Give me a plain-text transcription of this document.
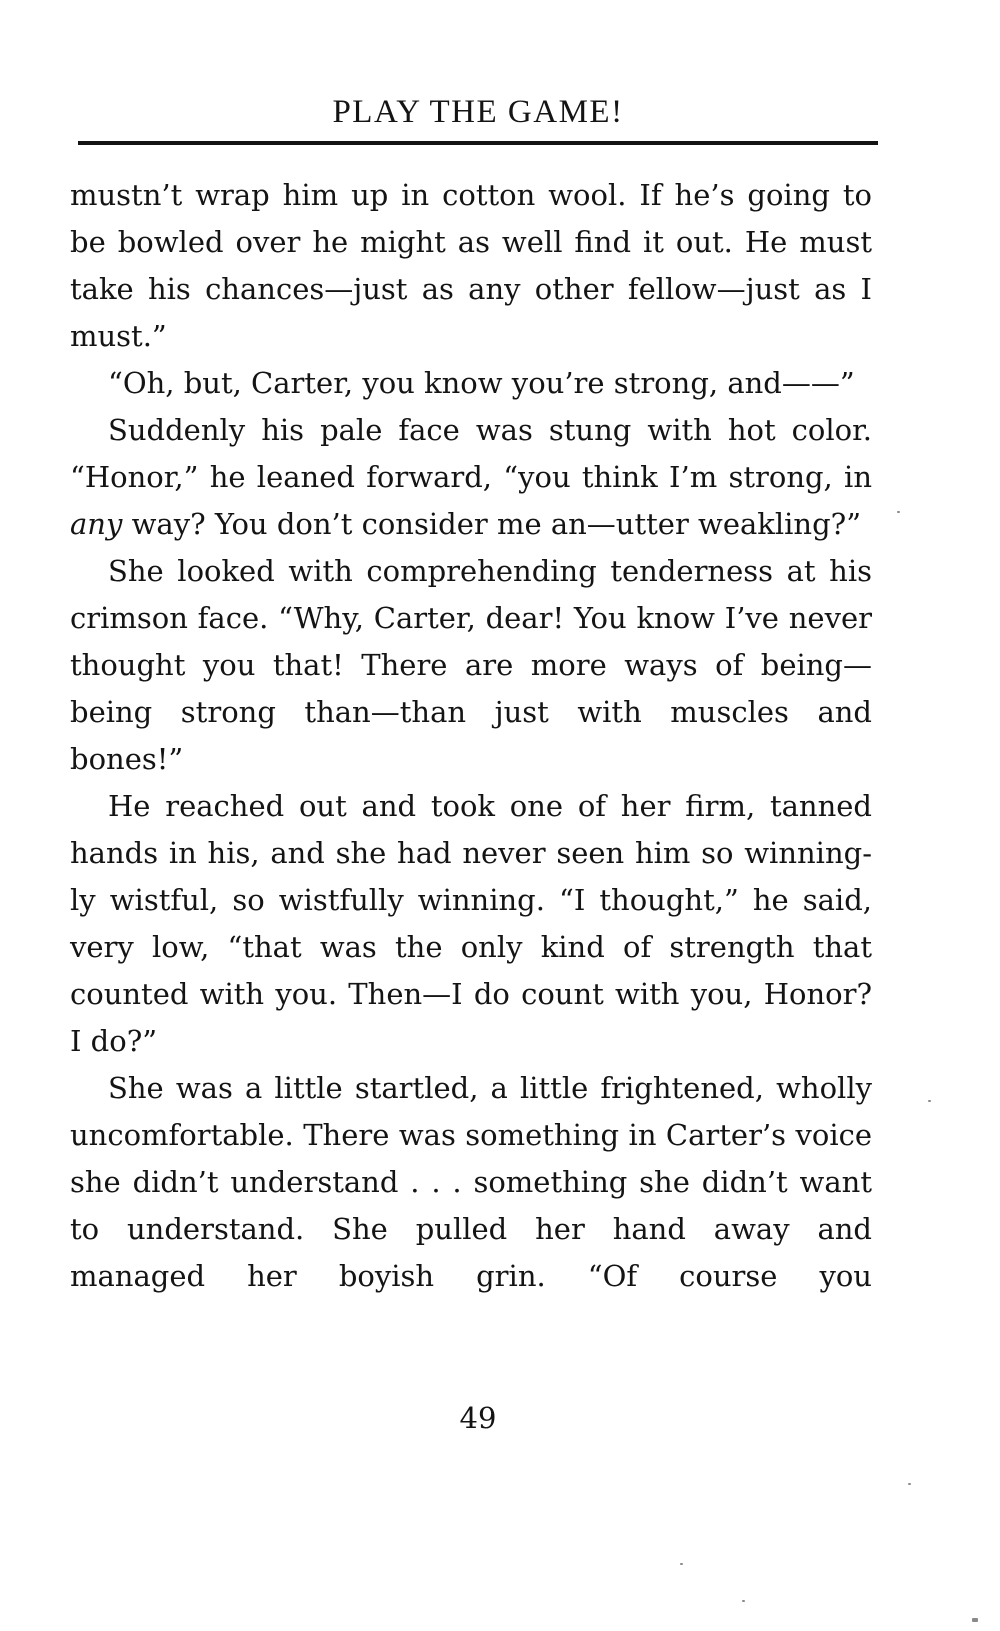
PLAY THE GAME!

mustn’t wrap him up in cotton wool. If he’s going to be bowled over he might as well find it out. He must take his chances—just as any other fellow—just as I must.”

“Oh, but, Carter, you know you’re strong, and——”

Suddenly his pale face was stung with hot color. “Honor,” he leaned forward, “you think I’m strong, in any way? You don’t consider me an—utter weakling?”

She looked with comprehending tenderness at his crimson face. “Why, Carter, dear! You know I’ve never thought you that! There are more ways of being—being strong than—than just with muscles and bones!”

He reached out and took one of her firm, tanned hands in his, and she had never seen him so winning-ly wistful, so wistfully winning. “I thought,” he said, very low, “that was the only kind of strength that counted with you. Then—I do count with you, Honor? I do?”

She was a little startled, a little frightened, wholly uncomfortable. There was something in Carter’s voice she didn’t understand . . . something she didn’t want to understand. She pulled her hand away and managed her boyish grin. “Of course you

49
